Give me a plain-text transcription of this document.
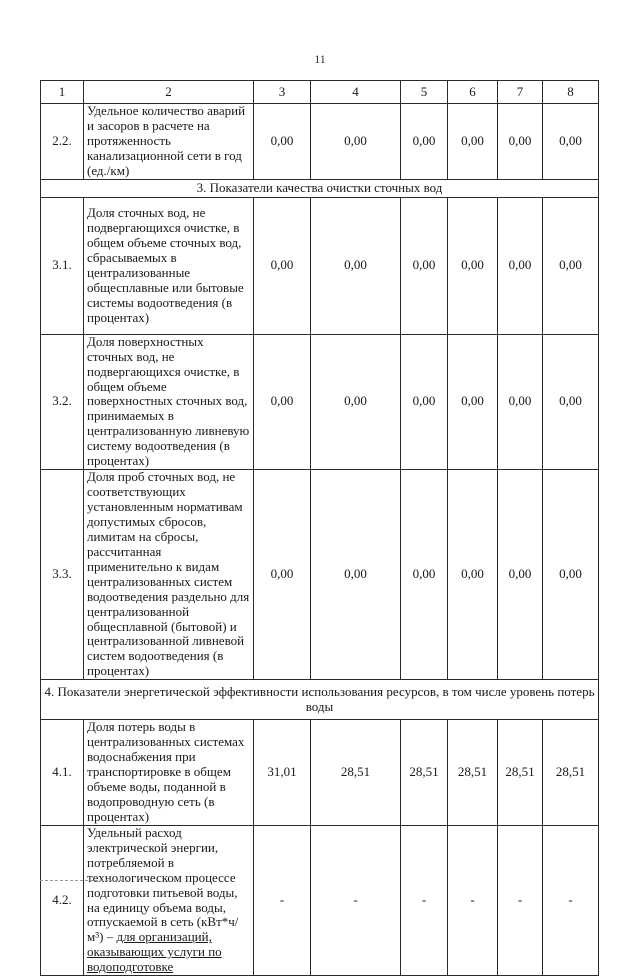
11
1	2	3	4	5	6	7	8
2.2.	Удельное количество аварий и засоров в расчете на протяженность канализационной сети в год (ед./км)	0,00	0,00	0,00	0,00	0,00	0,00
3. Показатели качества очистки сточных вод							
3.1.	Доля сточных вод, не подвергающихся очистке, в общем объеме сточных вод, сбрасываемых в централизованные общесплавные или бытовые системы водоотведения (в процентах)	0,00	0,00	0,00	0,00	0,00	0,00
3.2.	Доля поверхностных сточных вод, не подвергающихся очистке, в общем объеме поверхностных сточных вод, принимаемых в централизованную ливневую систему водоотведения (в процентах)	0,00	0,00	0,00	0,00	0,00	0,00
3.3.	Доля проб сточных вод, не соответствующих установленным нормативам допустимых сбросов, лимитам на сбросы, рассчитанная применительно к видам централизованных систем водоотведения раздельно для централизованной общесплавной (бытовой) и централизованной ливневой систем водоотведения (в процентах)	0,00	0,00	0,00	0,00	0,00	0,00
4. Показатели энергетической эффективности использования ресурсов, в том числе уровень потерь воды							
4.1.	Доля потерь воды в централизованных системах водоснабжения при транспортировке в общем объеме воды, поданной в водопроводную сеть (в процентах)	31,01	28,51	28,51	28,51	28,51	28,51
4.2.	Удельный расход электрической энергии, потребляемой в технологическом процессе подготовки питьевой воды, на единицу объема воды, отпускаемой в сеть (кВт*ч/м³) – для организаций, оказывающих услуги по водоподготовке	-	-	-	-	-	-
